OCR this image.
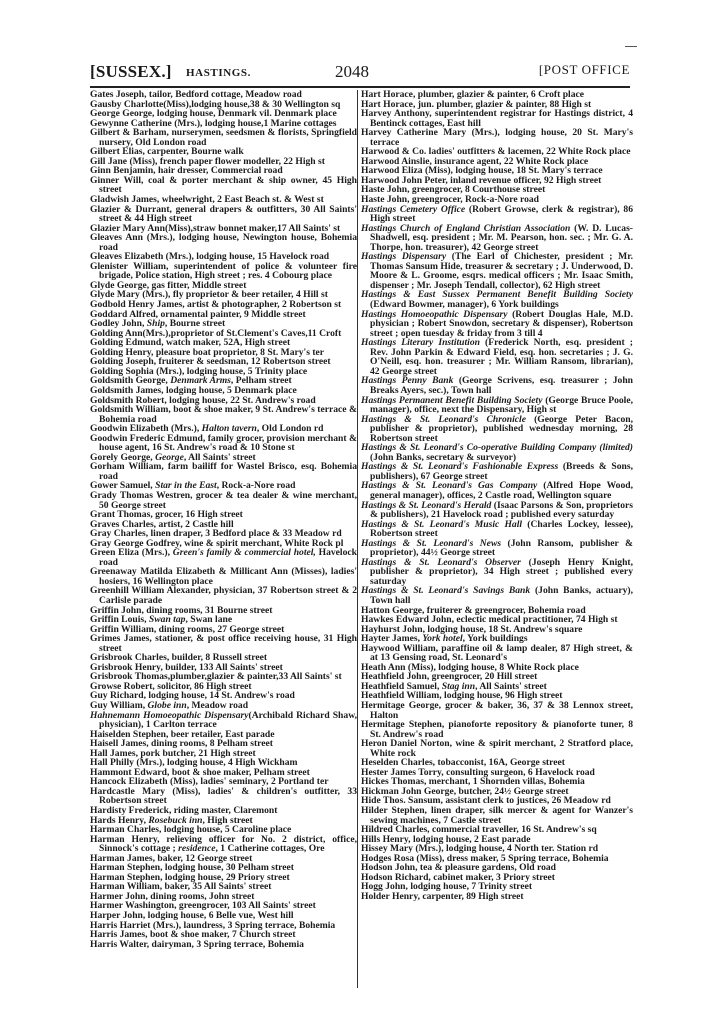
[SUSSEX.] HASTINGS.	2048	[POST OFFICE

Gates Joseph, tailor, Bedford cottage, Meadow road

Gausby Charlotte(Miss),lodging house,38 & 30 Wellington sq

George George, lodging house, Denmark vil. Denmark place

Gewynne Catherine (Mrs.), lodging house,1 Marine cottages

Gilbert & Barham, nurserymen, seedsmen & florists, Springfield nursery, Old London road

Gilbert Elias, carpenter, Bourne walk

Gill Jane (Miss), french paper flower modeller, 22 High st

Ginn Benjamin, hair dresser, Commercial road

Ginner Will, coal & porter merchant & ship owner, 45 High street

Gladwish James, wheelwright, 2 East Beach st. & West st

Glazier & Durrant, general drapers & outfitters, 30 All Saints' street & 44 High street

Glazier Mary Ann(Miss),straw bonnet maker,17 All Saints' st

Gleaves Ann (Mrs.), lodging house, Newington house, Bohemia road

Gleaves Elizabeth (Mrs.), lodging house, 15 Havelock road

Glenister William, superintendent of police & volunteer fire brigade, Police station, High street ; res. 4 Cobourg place

Glyde George, gas fitter, Middle street

Glyde Mary (Mrs.), fly proprietor & beer retailer, 4 Hill st

Godbold Henry James, artist & photographer, 2 Robertson st

Goddard Alfred, ornamental painter, 9 Middle street

Godley John, Ship, Bourne street

Golding Ann(Mrs.),proprietor of St.Clement's Caves,11 Croft

Golding Edmund, watch maker, 52A, High street

Golding Henry, pleasure boat proprietor, 8 St. Mary's ter

Golding Joseph, fruiterer & seedsman, 12 Robertson street

Golding Sophia (Mrs.), lodging house, 5 Trinity place

Goldsmith George, Denmark Arms, Pelham street

Goldsmith James, lodging house, 5 Denmark place

Goldsmith Robert, lodging house, 22 St. Andrew's road

Goldsmith William, boot & shoe maker, 9 St. Andrew's terrace & Bohemia road

Goodwin Elizabeth (Mrs.), Halton tavern, Old London rd

Goodwin Frederic Edmund, family grocer, provision merchant & house agent, 16 St. Andrew's road & 10 Stone st

Gorely George, George, All Saints' street

Gorham William, farm bailiff for Wastel Brisco, esq. Bohemia road

Gower Samuel, Star in the East, Rock-a-Nore road

Grady Thomas Westren, grocer & tea dealer & wine merchant, 50 George street

Grant Thomas, grocer, 16 High street

Graves Charles, artist, 2 Castle hill

Gray Charles, linen draper, 3 Bedford place & 33 Meadow rd

Gray George Godfrey, wine & spirit merchant, White Rock pl

Green Eliza (Mrs.), Green's family & commercial hotel, Havelock road

Greenaway Matilda Elizabeth & Millicant Ann (Misses), ladies' hosiers, 16 Wellington place

Greenhill William Alexander, physician, 37 Robertson street & 2 Carlisle parade

Griffin John, dining rooms, 31 Bourne street

Griffin Louis, Swan tap, Swan lane

Griffin William, dining rooms, 27 George street

Grimes James, stationer, & post office receiving house, 31 High street

Grisbrook Charles, builder, 8 Russell street

Grisbrook Henry, builder, 133 All Saints' street

Grisbrook Thomas,plumber,glazier & painter,33 All Saints' st

Growse Robert, solicitor, 86 High street

Guy Richard, lodging house, 14 St. Andrew's road

Guy William, Globe inn, Meadow road

Hahnemann Homoeopathic Dispensary(Archibald Richard Shaw, physician), 1 Carlton terrace

Haiselden Stephen, beer retailer, East parade

Haisell James, dining rooms, 8 Pelham street

Hall James, pork butcher, 21 High street

Hall Philly (Mrs.), lodging house, 4 High Wickham

Hammont Edward, boot & shoe maker, Pelham street

Hancock Elizabeth (Miss), ladies' seminary, 2 Portland ter

Hardcastle Mary (Miss), ladies' & children's outfitter, 33 Robertson street

Hardisty Frederick, riding master, Claremont

Hards Henry, Rosebuck inn, High street

Harman Charles, lodging house, 5 Caroline place

Harman Henry, relieving officer for No. 2 district, office, Sinnock's cottage ; residence, 1 Catherine cottages, Ore

Harman James, baker, 12 George street

Harman Stephen, lodging house, 30 Pelham street

Harman Stephen, lodging house, 29 Priory street

Harman William, baker, 35 All Saints' street

Harmer John, dining rooms, John street

Harmer Washington, greengrocer, 103 All Saints' street

Harper John, lodging house, 6 Belle vue, West hill

Harris Harriet (Mrs.), laundress, 3 Spring terrace, Bohemia

Harris James, boot & shoe maker, 7 Church street

Harris Walter, dairyman, 3 Spring terrace, Bohemia

Hart Horace, plumber, glazier & painter, 6 Croft place

Hart Horace, jun. plumber, glazier & painter, 88 High st

Harvey Anthony, superintendent registrar for Hastings district, 4 Bentinck cottages, East hill

Harvey Catherine Mary (Mrs.), lodging house, 20 St. Mary's terrace

Harwood & Co. ladies' outfitters & lacemen, 22 White Rock place

Harwood Ainslie, insurance agent, 22 White Rock place

Harwood Eliza (Miss), lodging house, 18 St. Mary's terrace

Harwood John Peter, inland revenue officer, 92 High street

Haste John, greengrocer, 8 Courthouse street

Haste John, greengrocer, Rock-a-Nore road

Hastings Cemetery Office (Robert Growse, clerk & registrar), 86 High street

Hastings Church of England Christian Association (W. D. Lucas-Shadwell, esq. president ; Mr. M. Pearson, hon. sec. ; Mr. G. A. Thorpe, hon. treasurer), 42 George street

Hastings Dispensary (The Earl of Chichester, president ; Mr. Thomas Sansum Hide, treasurer & secretary ; J. Underwood, D. Moore & L. Groome, esqrs. medical officers ; Mr. Isaac Smith, dispenser ; Mr. Joseph Tendall, collector), 62 High street

Hastings & East Sussex Permanent Benefit Building Society (Edward Bowmer, manager), 6 York buildings

Hastings Homoeopathic Dispensary (Robert Douglas Hale, M.D. physician ; Robert Snowdon, secretary & dispenser), Robertson street ; open tuesday & friday from 3 till 4

Hastings Literary Institution (Frederick North, esq. president ; Rev. John Parkin & Edward Field, esq. hon. secretaries ; J. G. O'Neill, esq. hon. treasurer ; Mr. William Ransom, librarian), 42 George street

Hastings Penny Bank (George Scrivens, esq. treasurer ; John Breaks Ayers, sec.), Town hall

Hastings Permanent Benefit Building Society (George Bruce Poole, manager), office, next the Dispensary, High st

Hastings & St. Leonard's Chronicle (George Peter Bacon, publisher & proprietor), published wednesday morning, 28 Robertson street

Hastings & St. Leonard's Co-operative Building Company (limited) (John Banks, secretary & surveyor)

Hastings & St. Leonard's Fashionable Express (Breeds & Sons, publishers), 67 George street

Hastings & St. Leonard's Gas Company (Alfred Hope Wood, general manager), offices, 2 Castle road, Wellington square

Hastings & St. Leonard's Herald (Isaac Parsons & Son, proprietors & publishers), 21 Havelock road ; published every saturday

Hastings & St. Leonard's Music Hall (Charles Lockey, lessee), Robertson street

Hastings & St. Leonard's News (John Ransom, publisher & proprietor), 44½ George street

Hastings & St. Leonard's Observer (Joseph Henry Knight, publisher & proprietor), 34 High street ; published every saturday

Hastings & St. Leonard's Savings Bank (John Banks, actuary), Town hall

Hatton George, fruiterer & greengrocer, Bohemia road

Hawkes Edward John, eclectic medical practitioner, 74 High st

Hayhurst John, lodging house, 18 St. Andrew's square

Hayter James, York hotel, York buildings

Haywood William, paraffine oil & lamp dealer, 87 High street, & at 13 Gensing road, St. Leonard's

Heath Ann (Miss), lodging house, 8 White Rock place

Heathfield John, greengrocer, 20 Hill street

Heathfield Samuel, Stag inn, All Saints' street

Heathfield William, lodging house, 96 High street

Hermitage George, grocer & baker, 36, 37 & 38 Lennox street, Halton

Hermitage Stephen, pianoforte repository & pianoforte tuner, 8 St. Andrew's road

Heron Daniel Norton, wine & spirit merchant, 2 Stratford place, White rock

Heselden Charles, tobacconist, 16A, George street

Hester James Torry, consulting surgeon, 6 Havelock road

Hickes Thomas, merchant, 1 Shornden villas, Bohemia

Hickman John George, butcher, 24½ George street

Hide Thos. Sansum, assistant clerk to justices, 26 Meadow rd

Hilder Stephen, linen draper, silk mercer & agent for Wanzer's sewing machines, 7 Castle street

Hildred Charles, commercial traveller, 16 St. Andrew's sq

Hills Henry, lodging house, 2 East parade

Hissey Mary (Mrs.), lodging house, 4 North ter. Station rd

Hodges Rosa (Miss), dress maker, 5 Spring terrace, Bohemia

Hodson John, tea & pleasure gardens, Old road

Hodson Richard, cabinet maker, 3 Priory street

Hogg John, lodging house, 7 Trinity street

Holder Henry, carpenter, 89 High street
